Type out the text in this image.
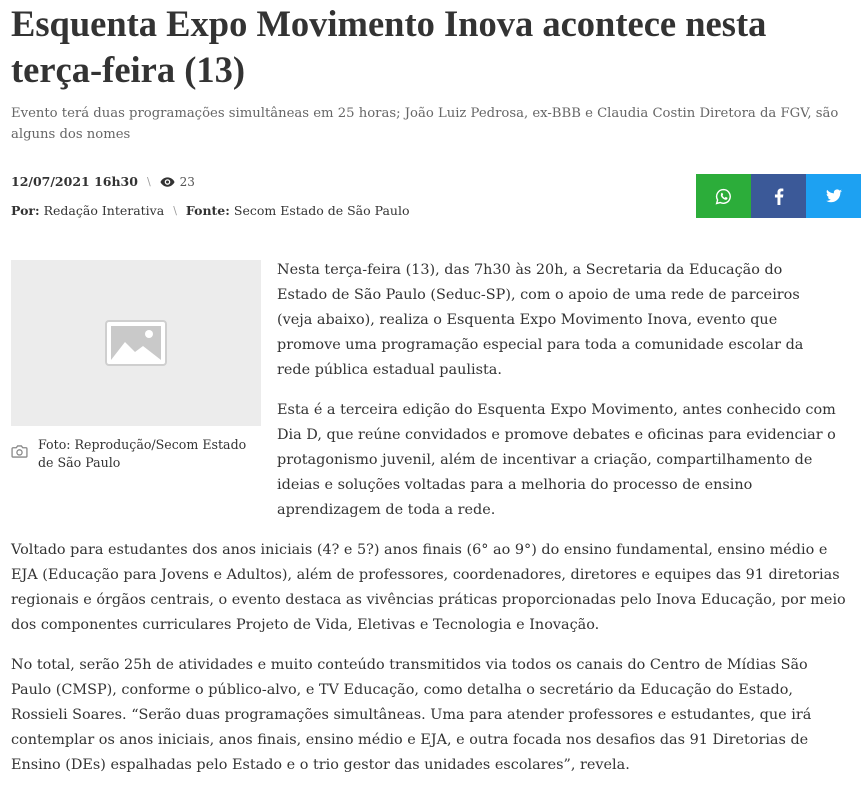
Esquenta Expo Movimento Inova acontece nesta terça-feira (13)

Evento terá duas programações simultâneas em 25 horas; João Luiz Pedrosa, ex-BBB e Claudia Costin Diretora da FGV, são alguns dos nomes

12/07/2021 16h30 \ 23
Por: Redação Interativa \ Fonte: Secom Estado de São Paulo
Foto: Reprodução/Secom Estado de São Paulo

Nesta terça-feira (13), das 7h30 às 20h, a Secretaria da Educação do Estado de São Paulo (Seduc-SP), com o apoio de uma rede de parceiros (veja abaixo), realiza o Esquenta Expo Movimento Inova, evento que promove uma programação especial para toda a comunidade escolar da rede pública estadual paulista.

Esta é a terceira edição do Esquenta Expo Movimento, antes conhecido com Dia D, que reúne convidados e promove debates e oficinas para evidenciar o protagonismo juvenil, além de incentivar a criação, compartilhamento de ideias e soluções voltadas para a melhoria do processo de ensino aprendizagem de toda a rede.

Voltado para estudantes dos anos iniciais (4? e 5?) anos finais (6° ao 9°) do ensino fundamental, ensino médio e EJA (Educação para Jovens e Adultos), além de professores, coordenadores, diretores e equipes das 91 diretorias regionais e órgãos centrais, o evento destaca as vivências práticas proporcionadas pelo Inova Educação, por meio dos componentes curriculares Projeto de Vida, Eletivas e Tecnologia e Inovação.

No total, serão 25h de atividades e muito conteúdo transmitidos via todos os canais do Centro de Mídias São Paulo (CMSP), conforme o público-alvo, e TV Educação, como detalha o secretário da Educação do Estado, Rossieli Soares. “Serão duas programações simultâneas. Uma para atender professores e estudantes, que irá contemplar os anos iniciais, anos finais, ensino médio e EJA, e outra focada nos desafios das 91 Diretorias de Ensino (DEs) espalhadas pelo Estado e o trio gestor das unidades escolares”, revela.
